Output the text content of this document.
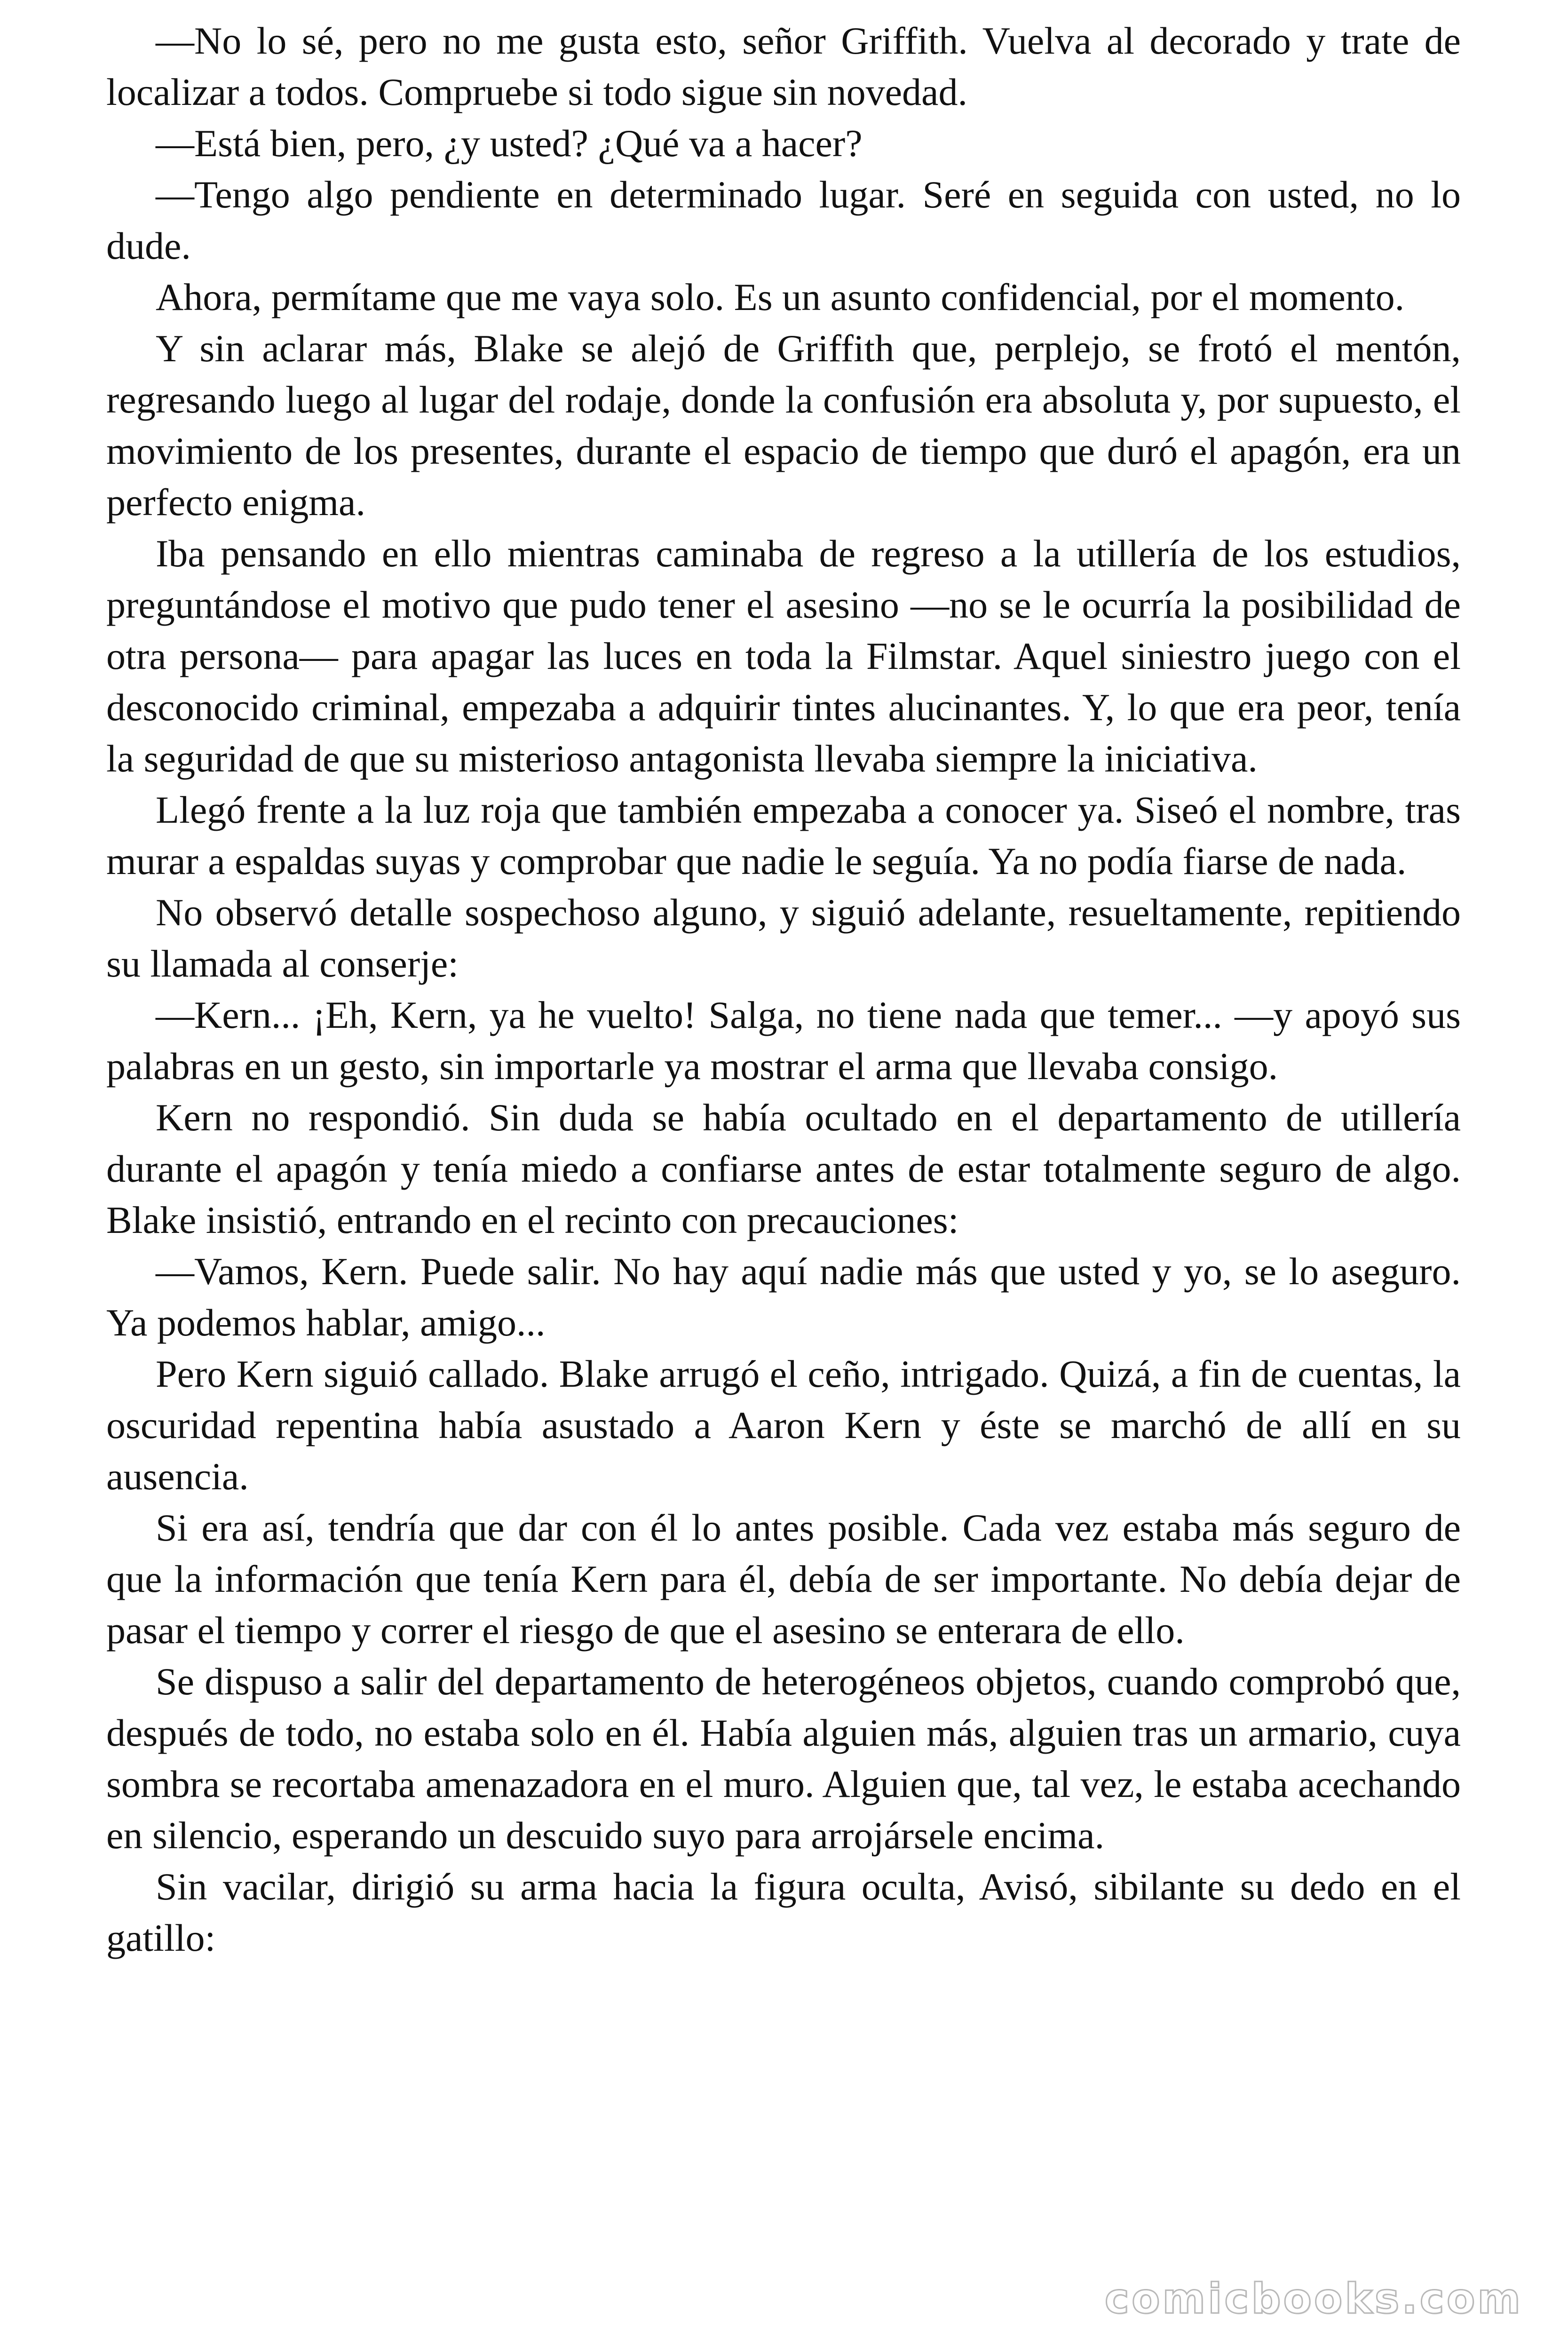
—No lo sé, pero no me gusta esto, señor Griffith. Vuelva al decorado y trate de localizar a todos. Compruebe si todo sigue sin novedad.

—Está bien, pero, ¿y usted? ¿Qué va a hacer?

—Tengo algo pendiente en determinado lugar. Seré en seguida con usted, no lo dude.

Ahora, permítame que me vaya solo. Es un asunto confidencial, por el momento.

Y sin aclarar más, Blake se alejó de Griffith que, perplejo, se frotó el mentón, regresando luego al lugar del rodaje, donde la confusión era absoluta y, por supuesto, el movimiento de los presentes, durante el espacio de tiempo que duró el apagón, era un perfecto enigma.

Iba pensando en ello mientras caminaba de regreso a la utillería de los estudios, preguntándose el motivo que pudo tener el asesino —no se le ocurría la posibilidad de otra persona— para apagar las luces en toda la Filmstar. Aquel siniestro juego con el desconocido criminal, empezaba a adquirir tintes alucinantes. Y, lo que era peor, tenía la seguridad de que su misterioso antagonista llevaba siempre la iniciativa.

Llegó frente a la luz roja que también empezaba a conocer ya. Siseó el nombre, tras murar a espaldas suyas y comprobar que nadie le seguía. Ya no podía fiarse de nada.

No observó detalle sospechoso alguno, y siguió adelante, resueltamente, repitiendo su llamada al conserje:

—Kern... ¡Eh, Kern, ya he vuelto! Salga, no tiene nada que temer... —y apoyó sus palabras en un gesto, sin importarle ya mostrar el arma que llevaba consigo.

Kern no respondió. Sin duda se había ocultado en el departamento de utillería durante el apagón y tenía miedo a confiarse antes de estar totalmente seguro de algo. Blake insistió, entrando en el recinto con precauciones:

—Vamos, Kern. Puede salir. No hay aquí nadie más que usted y yo, se lo aseguro. Ya podemos hablar, amigo...

Pero Kern siguió callado. Blake arrugó el ceño, intrigado. Quizá, a fin de cuentas, la oscuridad repentina había asustado a Aaron Kern y éste se marchó de allí en su ausencia.

Si era así, tendría que dar con él lo antes posible. Cada vez estaba más seguro de que la información que tenía Kern para él, debía de ser importante. No debía dejar de pasar el tiempo y correr el riesgo de que el asesino se enterara de ello.

Se dispuso a salir del departamento de heterogéneos objetos, cuando comprobó que, después de todo, no estaba solo en él. Había alguien más, alguien tras un armario, cuya sombra se recortaba amenazadora en el muro. Alguien que, tal vez, le estaba acechando en silencio, esperando un descuido suyo para arrojársele encima.

Sin vacilar, dirigió su arma hacia la figura oculta, Avisó, sibilante su dedo en el gatillo:

comicbooks.com
